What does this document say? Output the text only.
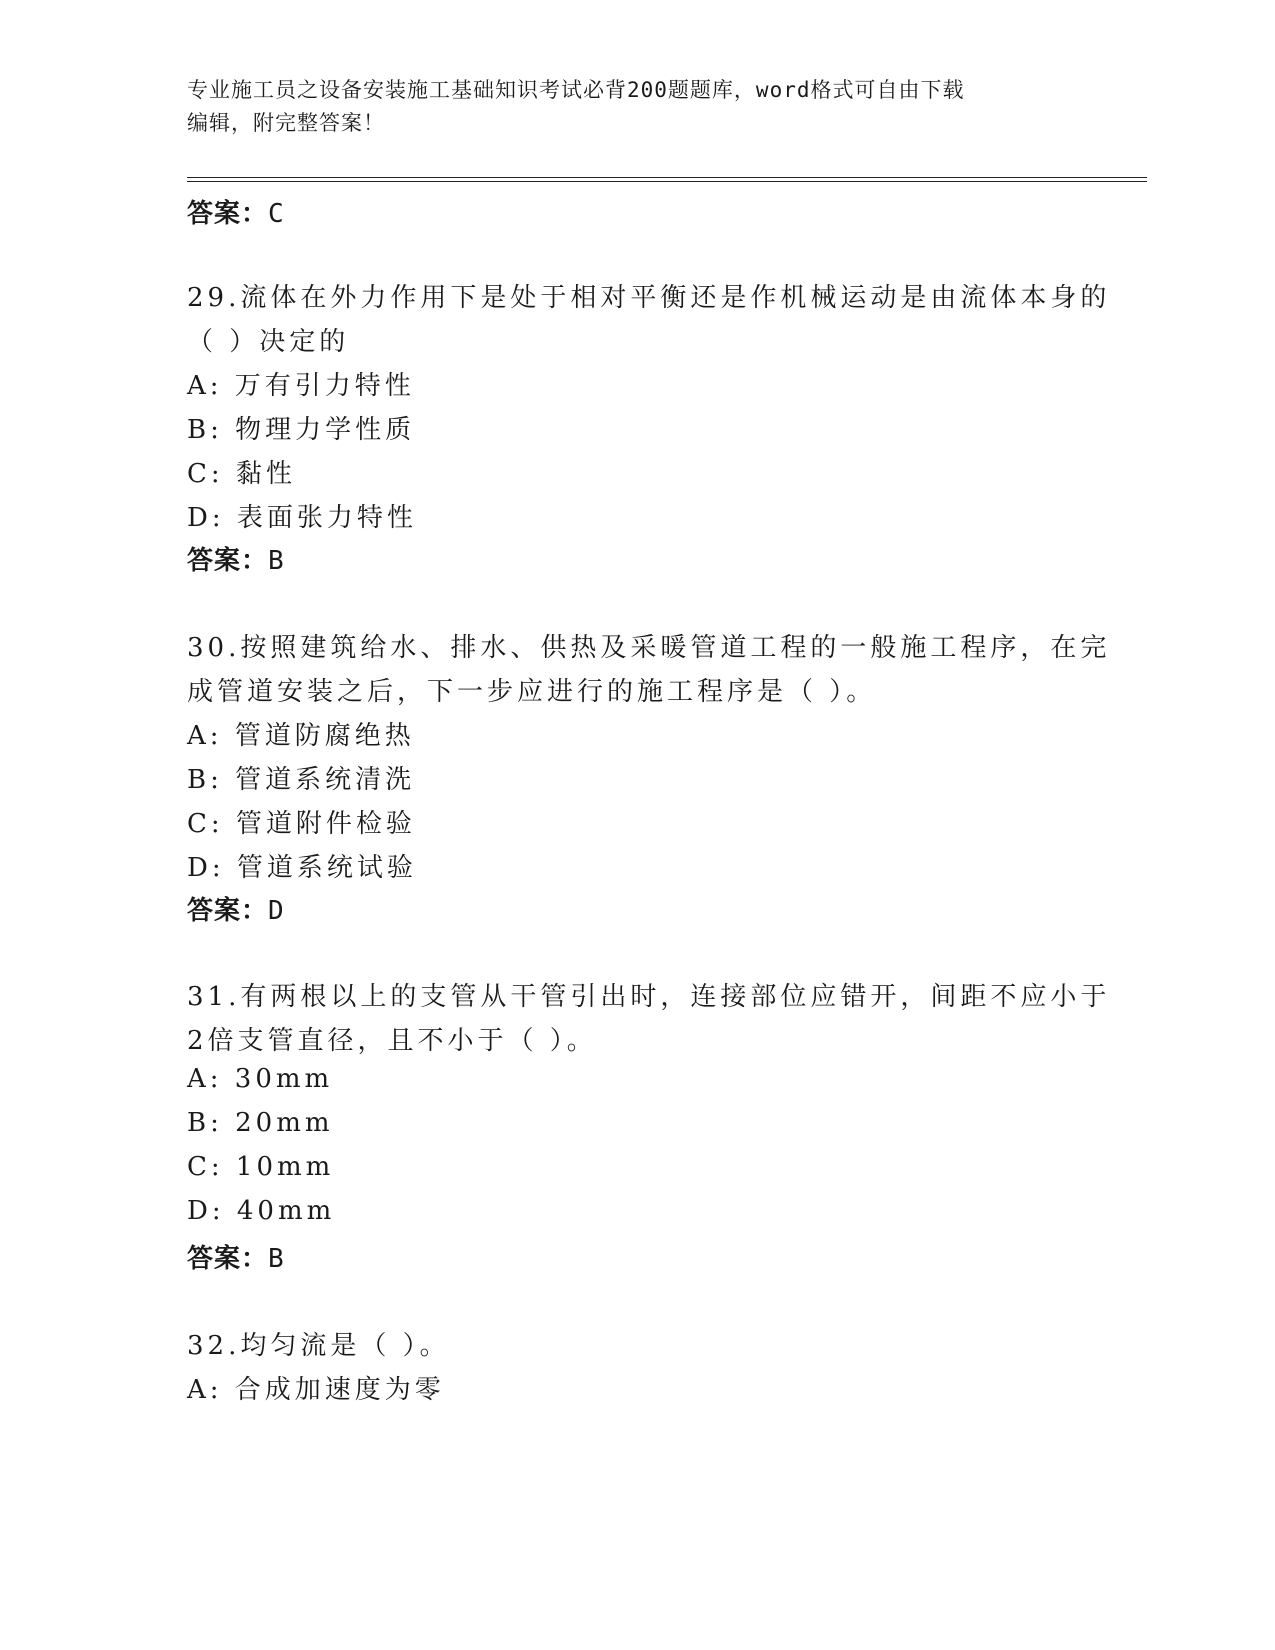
专业施工员之设备安装施工基础知识考试必背200题题库，word格式可自由下载
编辑，附完整答案！
答案：C
29.流体在外力作用下是处于相对平衡还是作机械运动是由流体本身的
（ ）决定的
A: 万有引力特性
B: 物理力学性质
C: 黏性
D: 表面张力特性
答案：B
30.按照建筑给水、排水、供热及采暖管道工程的一般施工程序，在完
成管道安装之后，下一步应进行的施工程序是（ ）。
A: 管道防腐绝热
B: 管道系统清洗
C: 管道附件检验
D: 管道系统试验
答案：D
31.有两根以上的支管从干管引出时，连接部位应错开，间距不应小于
2倍支管直径，且不小于（ ）。
A: 30mm
B: 20mm
C: 10mm
D: 40mm
答案：B
32.均匀流是（ ）。
A: 合成加速度为零
